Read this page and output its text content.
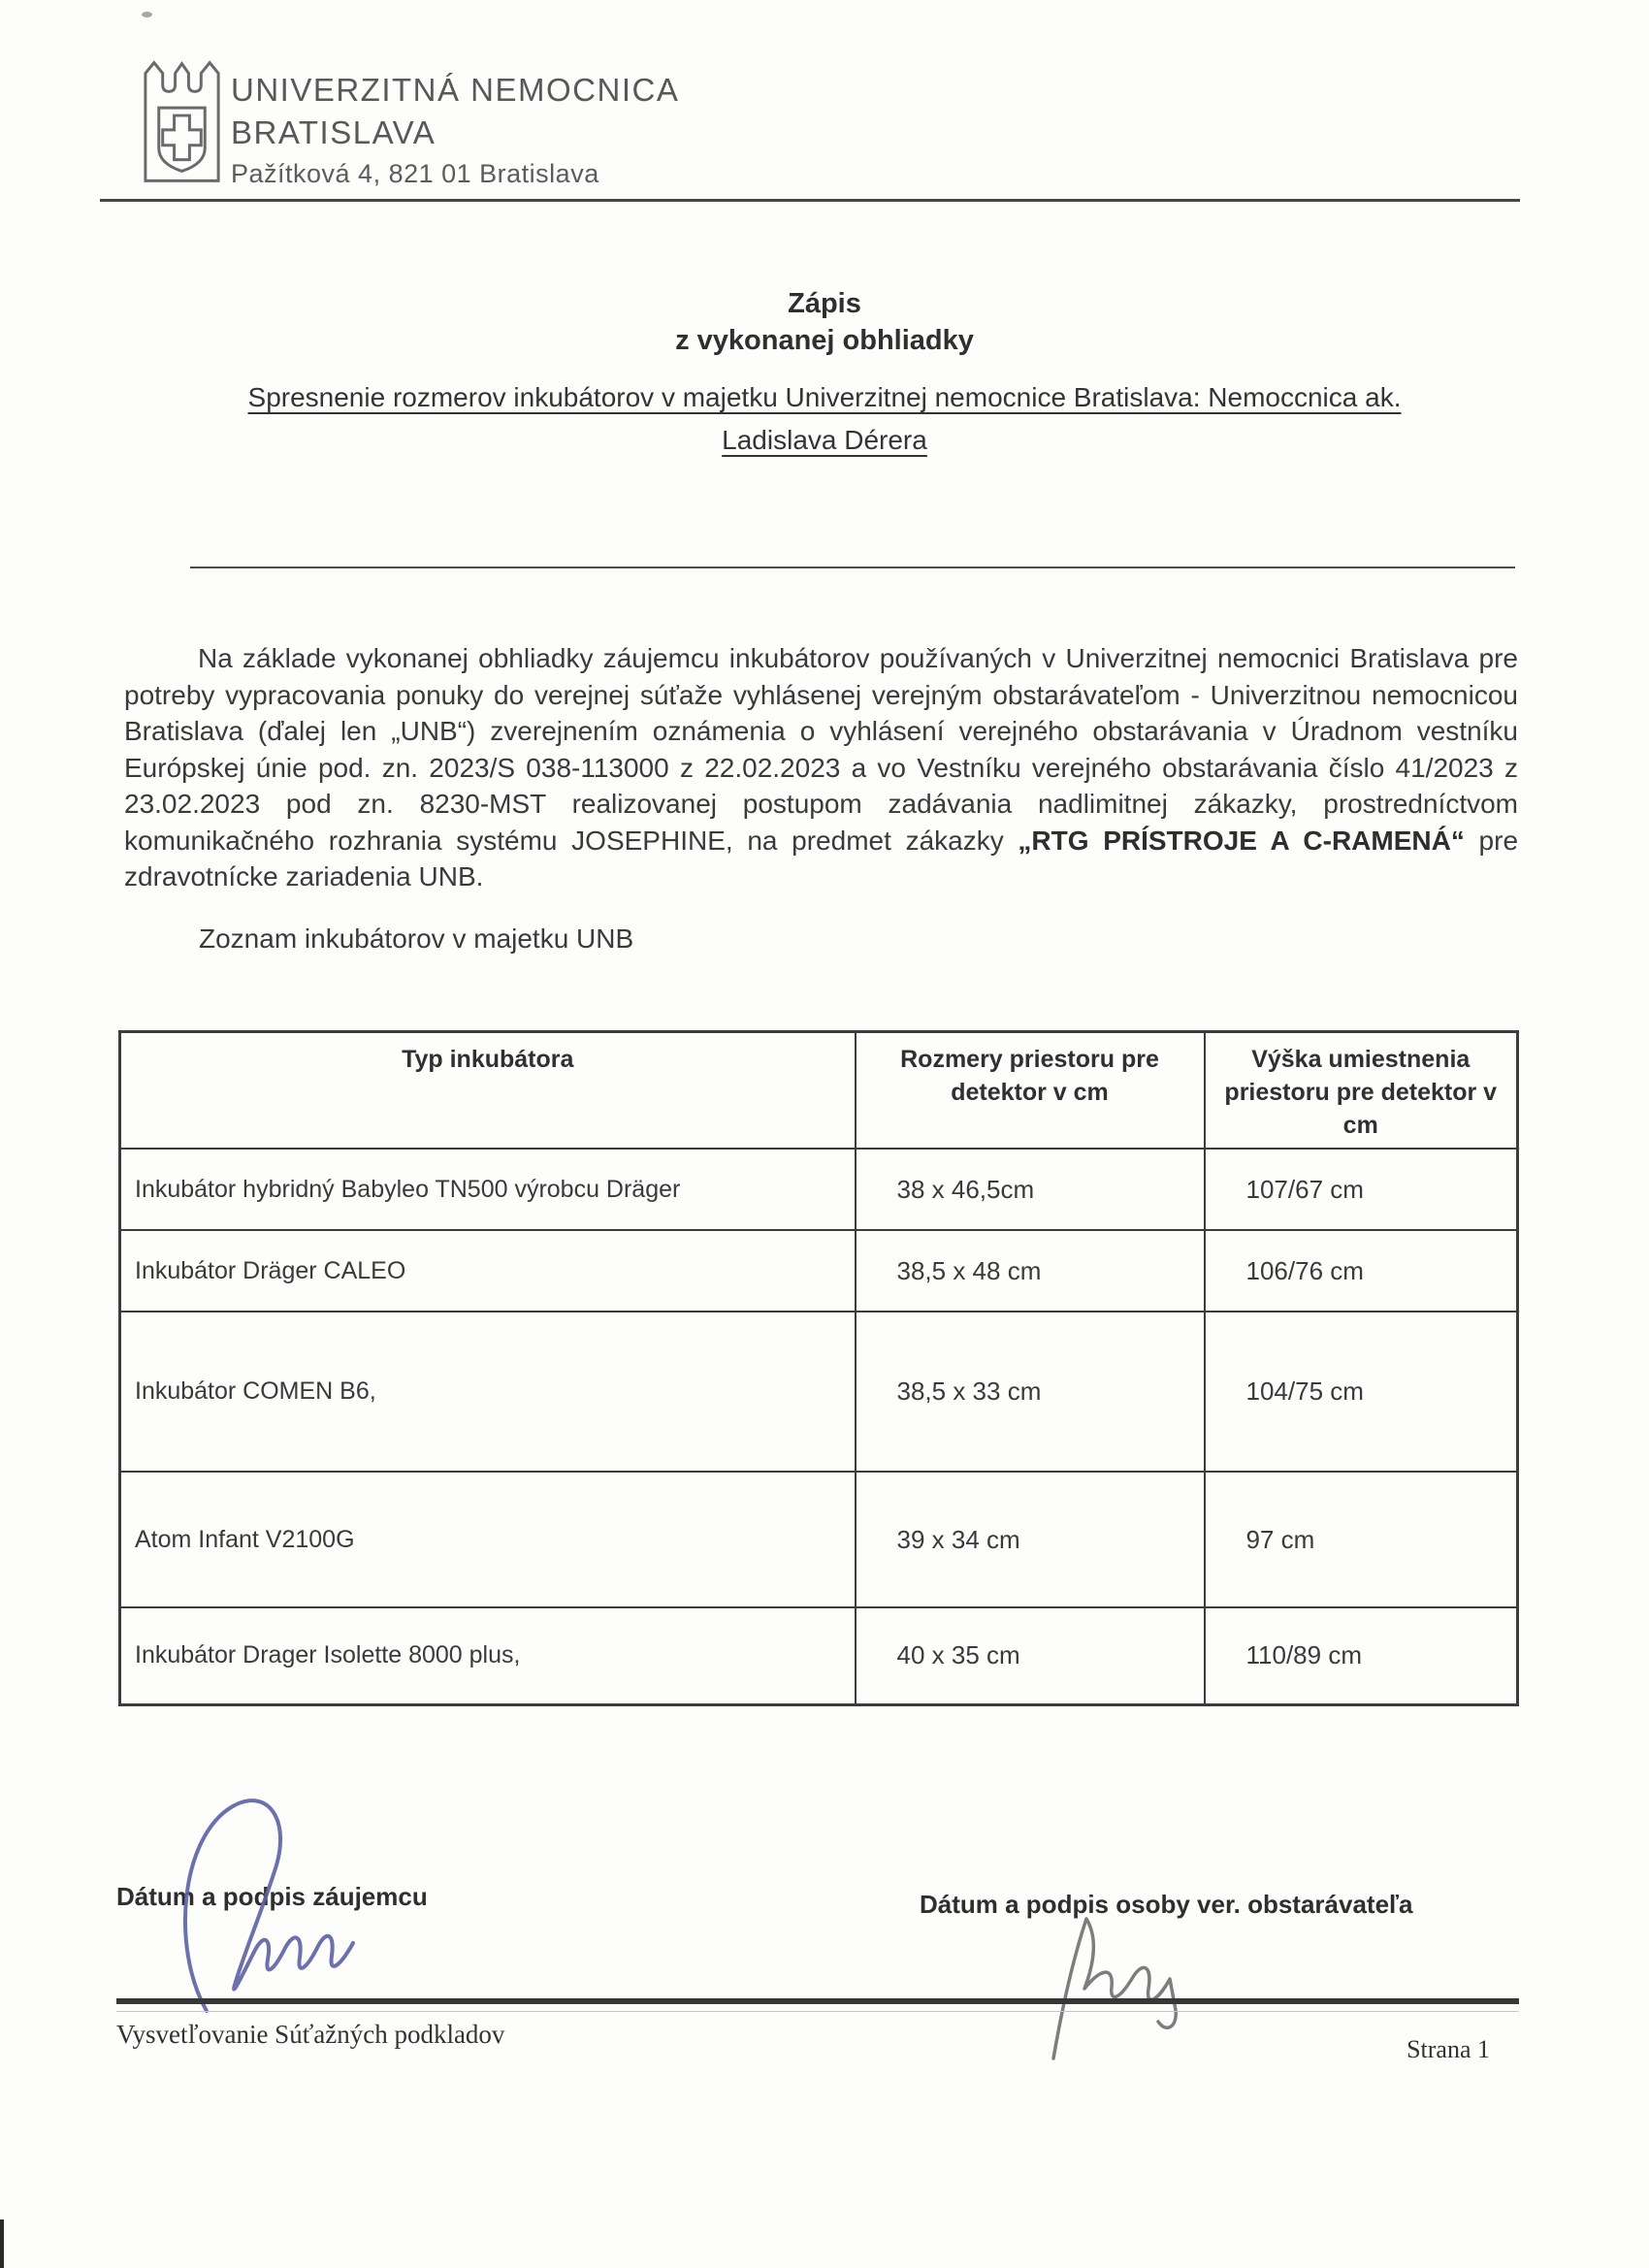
UNIVERZITNÁ NEMOCNICA
BRATISLAVA
Pažítková 4, 821 01 Bratislava
Zápis
z vykonanej obhliadky
Spresnenie rozmerov inkubátorov v majetku Univerzitnej nemocnice Bratislava: Nemoccnica ak.
Ladislava Dérera
Na základe vykonanej obhliadky záujemcu inkubátorov používaných v Univerzitnej nemocnici Bratislava pre potreby vypracovania ponuky do verejnej súťaže vyhlásenej verejným obstarávateľom - Univerzitnou nemocnicou Bratislava (ďalej len „UNB“) zverejnením oznámenia o vyhlásení verejného obstarávania v Úradnom vestníku Európskej únie pod. zn. 2023/S 038-113000 z 22.02.2023 a vo Vestníku verejného obstarávania číslo 41/2023 z 23.02.2023 pod zn. 8230-MST realizovanej postupom zadávania nadlimitnej zákazky, prostredníctvom komunikačného rozhrania systému JOSEPHINE, na predmet zákazky „RTG PRÍSTROJE A C-RAMENÁ“ pre zdravotnícke zariadenia UNB.
Zoznam inkubátorov v majetku UNB
Typ inkubátora	Rozmery priestoru pre detektor v cm	Výška umiestnenia priestoru pre detektor v cm
Inkubátor hybridný Babyleo TN500 výrobcu Dräger	38 x 46,5cm	107/67 cm
Inkubátor Dräger CALEO	38,5 x 48 cm	106/76 cm
Inkubátor COMEN B6,	38,5 x 33 cm	104/75 cm
Atom Infant V2100G	39 x 34 cm	97 cm
Inkubátor Drager Isolette 8000 plus,	40 x 35 cm	110/89 cm
Dátum a podpis záujemcu	Dátum a podpis osoby ver. obstarávateľa
Vysvetľovanie Súťažných podkladov
Strana 1
